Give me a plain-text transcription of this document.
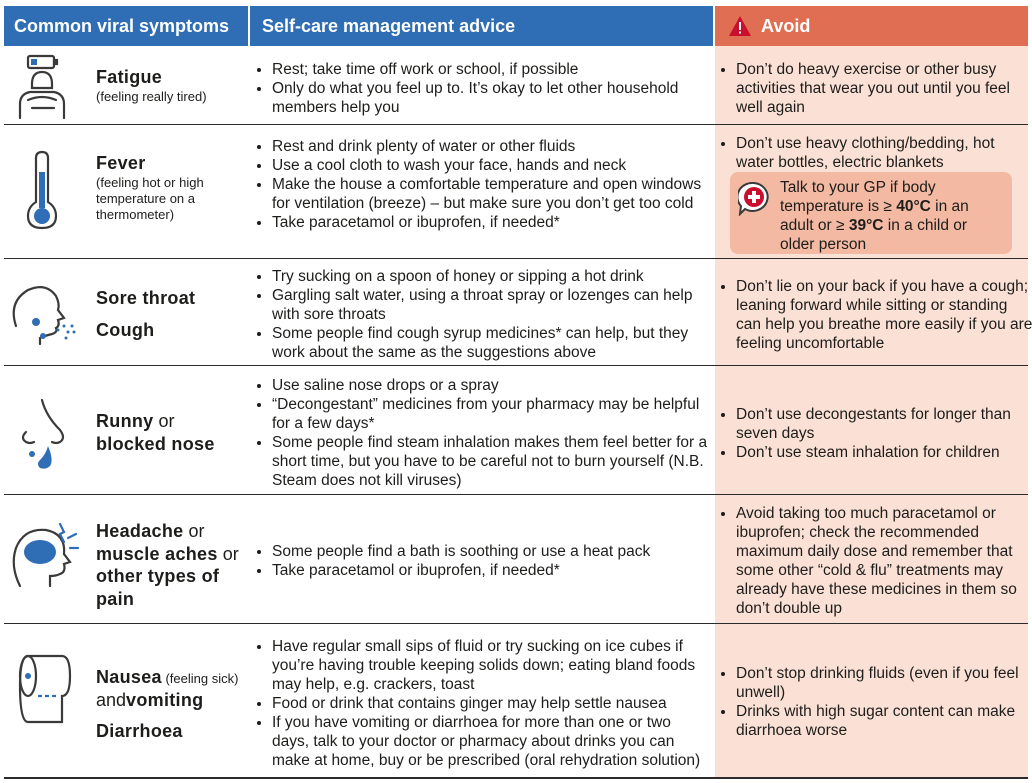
Common viral symptoms Self-care management advice	Avoid
Fatigue
(feeling really tired)
• Rest; take time off work or school, if possible
• Only do what you feel up to. It’s okay to let other household members help you
• Don’t do heavy exercise or other busy activities that wear you out until you feel well again
Fever
(feeling hot or high temperature on a thermometer)
• Rest and drink plenty of water or other fluids
• Use a cool cloth to wash your face, hands and neck
• Make the house a comfortable temperature and open windows for ventilation (breeze) – but make sure you don’t get too cold
• Take paracetamol or ibuprofen, if needed*
• Don’t use heavy clothing/bedding, hot water bottles, electric blankets
Talk to your GP if body temperature is ≥ 40°C in an adult or ≥ 39°C in a child or older person
Sore throat
Cough
• Try sucking on a spoon of honey or sipping a hot drink
• Gargling salt water, using a throat spray or lozenges can help with sore throats
• Some people find cough syrup medicines* can help, but they work about the same as the suggestions above
• Don’t lie on your back if you have a cough; leaning forward while sitting or standing can help you breathe more easily if you are feeling uncomfortable
Runny or
blocked nose
• Use saline nose drops or a spray
• “Decongestant” medicines from your pharmacy may be helpful for a few days*
• Some people find steam inhalation makes them feel better for a short time, but you have to be careful not to burn yourself (N.B. Steam does not kill viruses)
• Don’t use decongestants for longer than seven days
• Don’t use steam inhalation for children
Headache or
muscle aches or
other types of
pain
• Some people find a bath is soothing or use a heat pack
• Take paracetamol or ibuprofen, if needed*
• Avoid taking too much paracetamol or ibuprofen; check the recommended maximum daily dose and remember that some other “cold & flu” treatments may already have these medicines in them so don’t double up
Nausea (feeling sick)
andvomiting
Diarrhoea
• Have regular small sips of fluid or try sucking on ice cubes if you’re having trouble keeping solids down; eating bland foods may help, e.g. crackers, toast
• Food or drink that contains ginger may help settle nausea
• If you have vomiting or diarrhoea for more than one or two days, talk to your doctor or pharmacy about drinks you can make at home, buy or be prescribed (oral rehydration solution)
• Don’t stop drinking fluids (even if you feel unwell)
• Drinks with high sugar content can make diarrhoea worse
